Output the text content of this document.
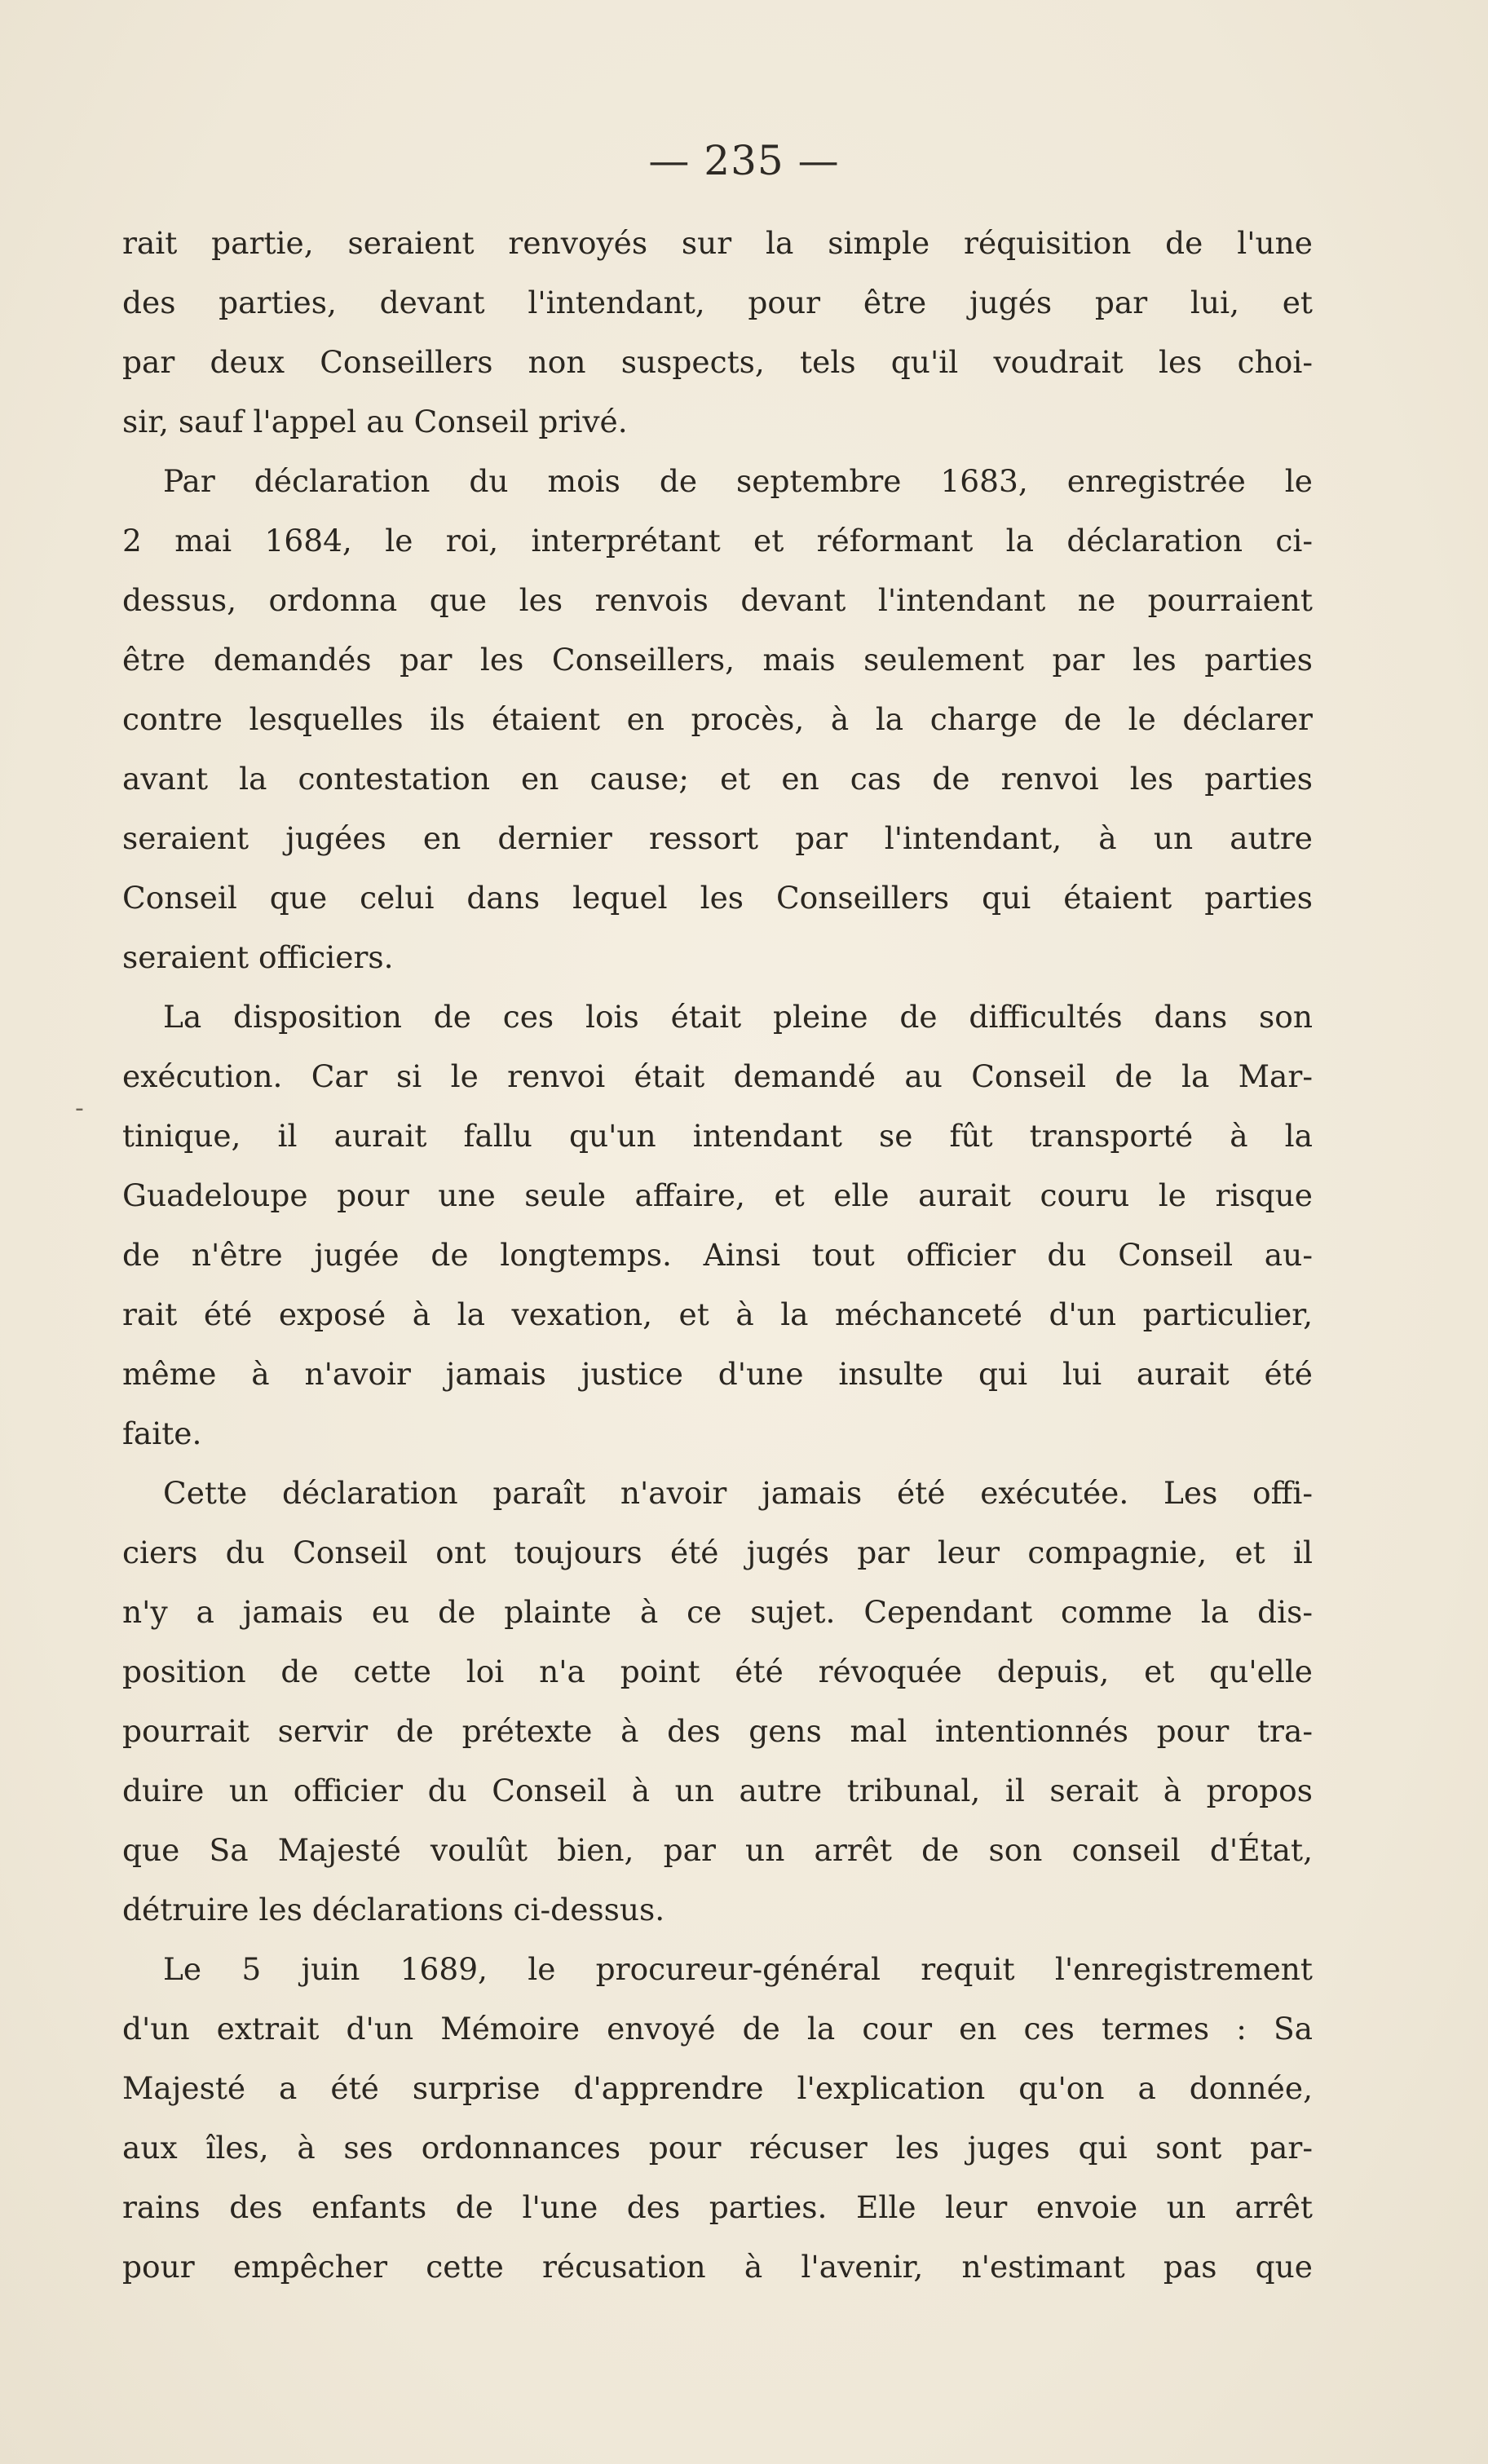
— 235 —
-
rait partie, seraient renvoyés sur la simple réquisition de l'une
des parties, devant l'intendant, pour être jugés par lui, et
par deux Conseillers non suspects, tels qu'il voudrait les choi-
sir, sauf l'appel au Conseil privé.
Par déclaration du mois de septembre 1683, enregistrée le
2 mai 1684, le roi, interprétant et réformant la déclaration ci-
dessus, ordonna que les renvois devant l'intendant ne pourraient
être demandés par les Conseillers, mais seulement par les parties
contre lesquelles ils étaient en procès, à la charge de le déclarer
avant la contestation en cause; et en cas de renvoi les parties
seraient jugées en dernier ressort par l'intendant, à un autre
Conseil que celui dans lequel les Conseillers qui étaient parties
seraient officiers.
La disposition de ces lois était pleine de difficultés dans son
exécution. Car si le renvoi était demandé au Conseil de la Mar-
tinique, il aurait fallu qu'un intendant se fût transporté à la
Guadeloupe pour une seule affaire, et elle aurait couru le risque
de n'être jugée de longtemps. Ainsi tout officier du Conseil au-
rait été exposé à la vexation, et à la méchanceté d'un particulier,
même à n'avoir jamais justice d'une insulte qui lui aurait été
faite.
Cette déclaration paraît n'avoir jamais été exécutée. Les offi-
ciers du Conseil ont toujours été jugés par leur compagnie, et il
n'y a jamais eu de plainte à ce sujet. Cependant comme la dis-
position de cette loi n'a point été révoquée depuis, et qu'elle
pourrait servir de prétexte à des gens mal intentionnés pour tra-
duire un officier du Conseil à un autre tribunal, il serait à propos
que Sa Majesté voulût bien, par un arrêt de son conseil d'État,
détruire les déclarations ci-dessus.
Le 5 juin 1689, le procureur-général requit l'enregistrement
d'un extrait d'un Mémoire envoyé de la cour en ces termes : Sa
Majesté a été surprise d'apprendre l'explication qu'on a donnée,
aux îles, à ses ordonnances pour récuser les juges qui sont par-
rains des enfants de l'une des parties. Elle leur envoie un arrêt
pour empêcher cette récusation à l'avenir, n'estimant pas que
